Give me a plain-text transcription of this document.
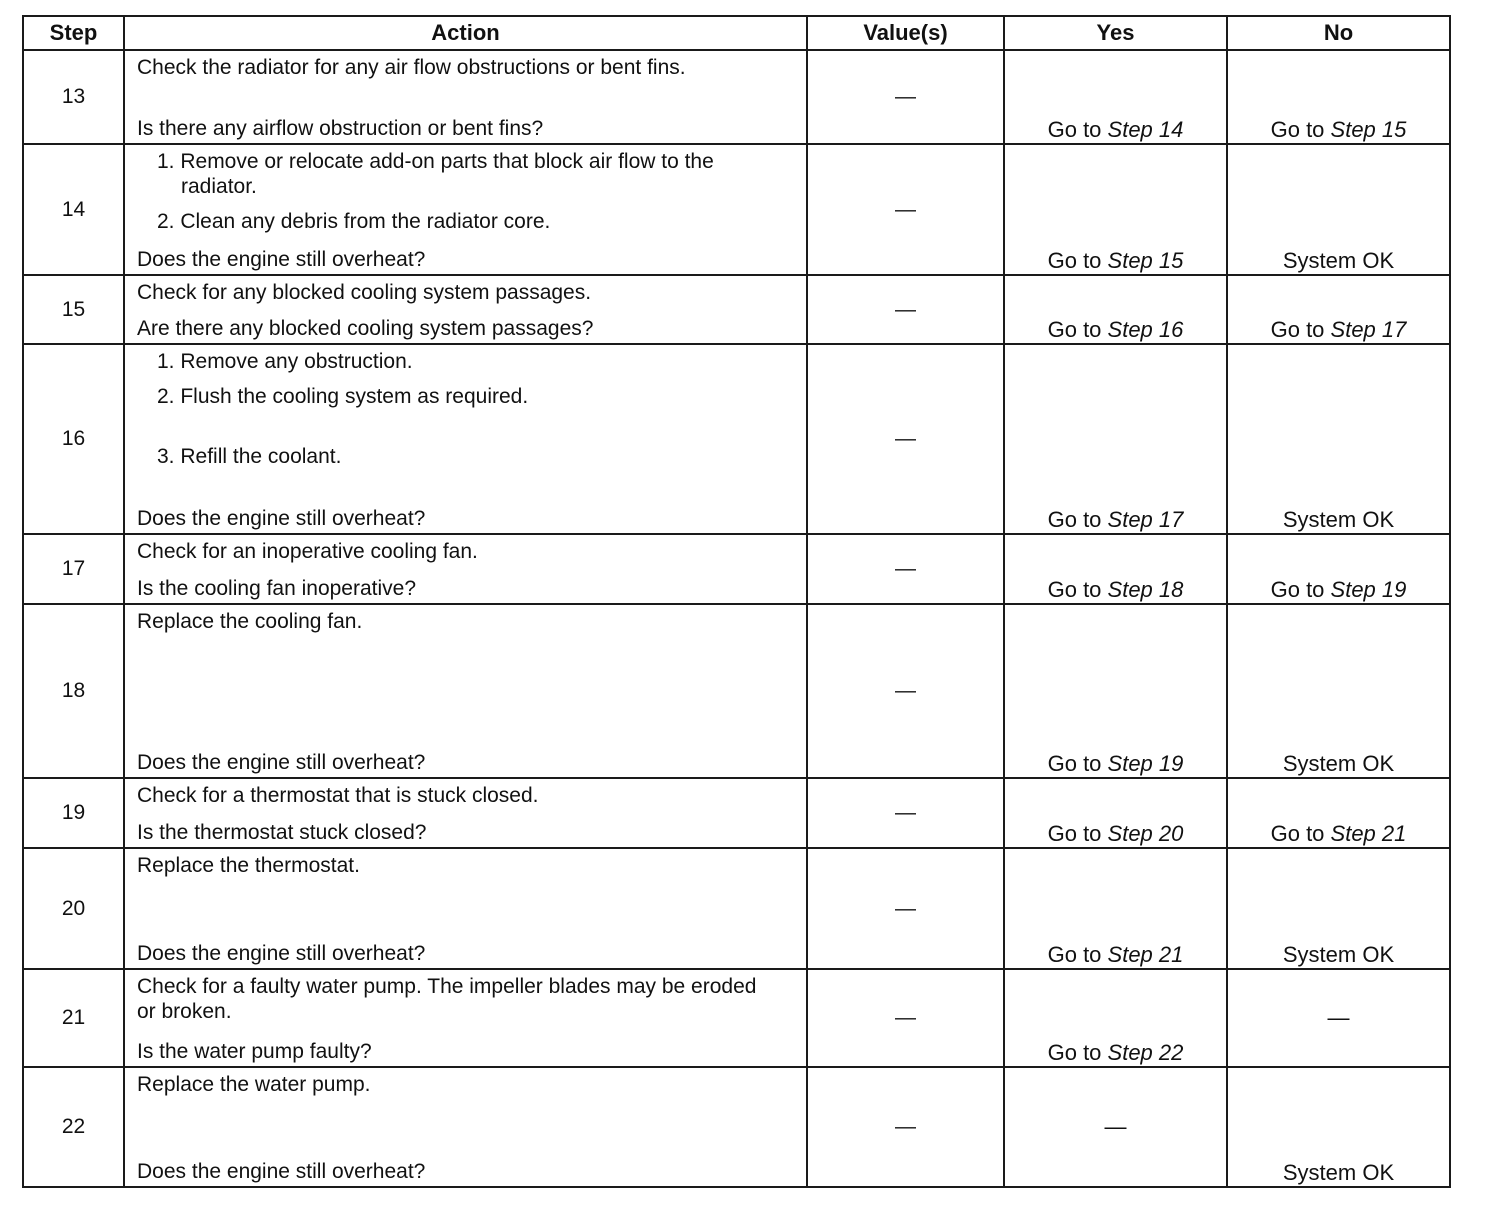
Step	Action	Value(s)	Yes	No
13	Check the radiator for any air flow obstructions or bent fins.
Is there any airflow obstruction or bent fins?	—	Go to Step 14	Go to Step 15
14	1. Remove or relocate add-on parts that block air flow to the radiator.
2. Clean any debris from the radiator core.
Does the engine still overheat?	—	Go to Step 15	System OK
15	Check for any blocked cooling system passages.
Are there any blocked cooling system passages?	—	Go to Step 16	Go to Step 17
16	1. Remove any obstruction.
2. Flush the cooling system as required.
3. Refill the coolant.
Does the engine still overheat?	—	Go to Step 17	System OK
17	Check for an inoperative cooling fan.
Is the cooling fan inoperative?	—	Go to Step 18	Go to Step 19
18	Replace the cooling fan.
Does the engine still overheat?	—	Go to Step 19	System OK
19	Check for a thermostat that is stuck closed.
Is the thermostat stuck closed?	—	Go to Step 20	Go to Step 21
20	Replace the thermostat.
Does the engine still overheat?	—	Go to Step 21	System OK
21	Check for a faulty water pump. The impeller blades may be eroded or broken.
Is the water pump faulty?	—	Go to Step 22	—
22	Replace the water pump.
Does the engine still overheat?	—	—	System OK
